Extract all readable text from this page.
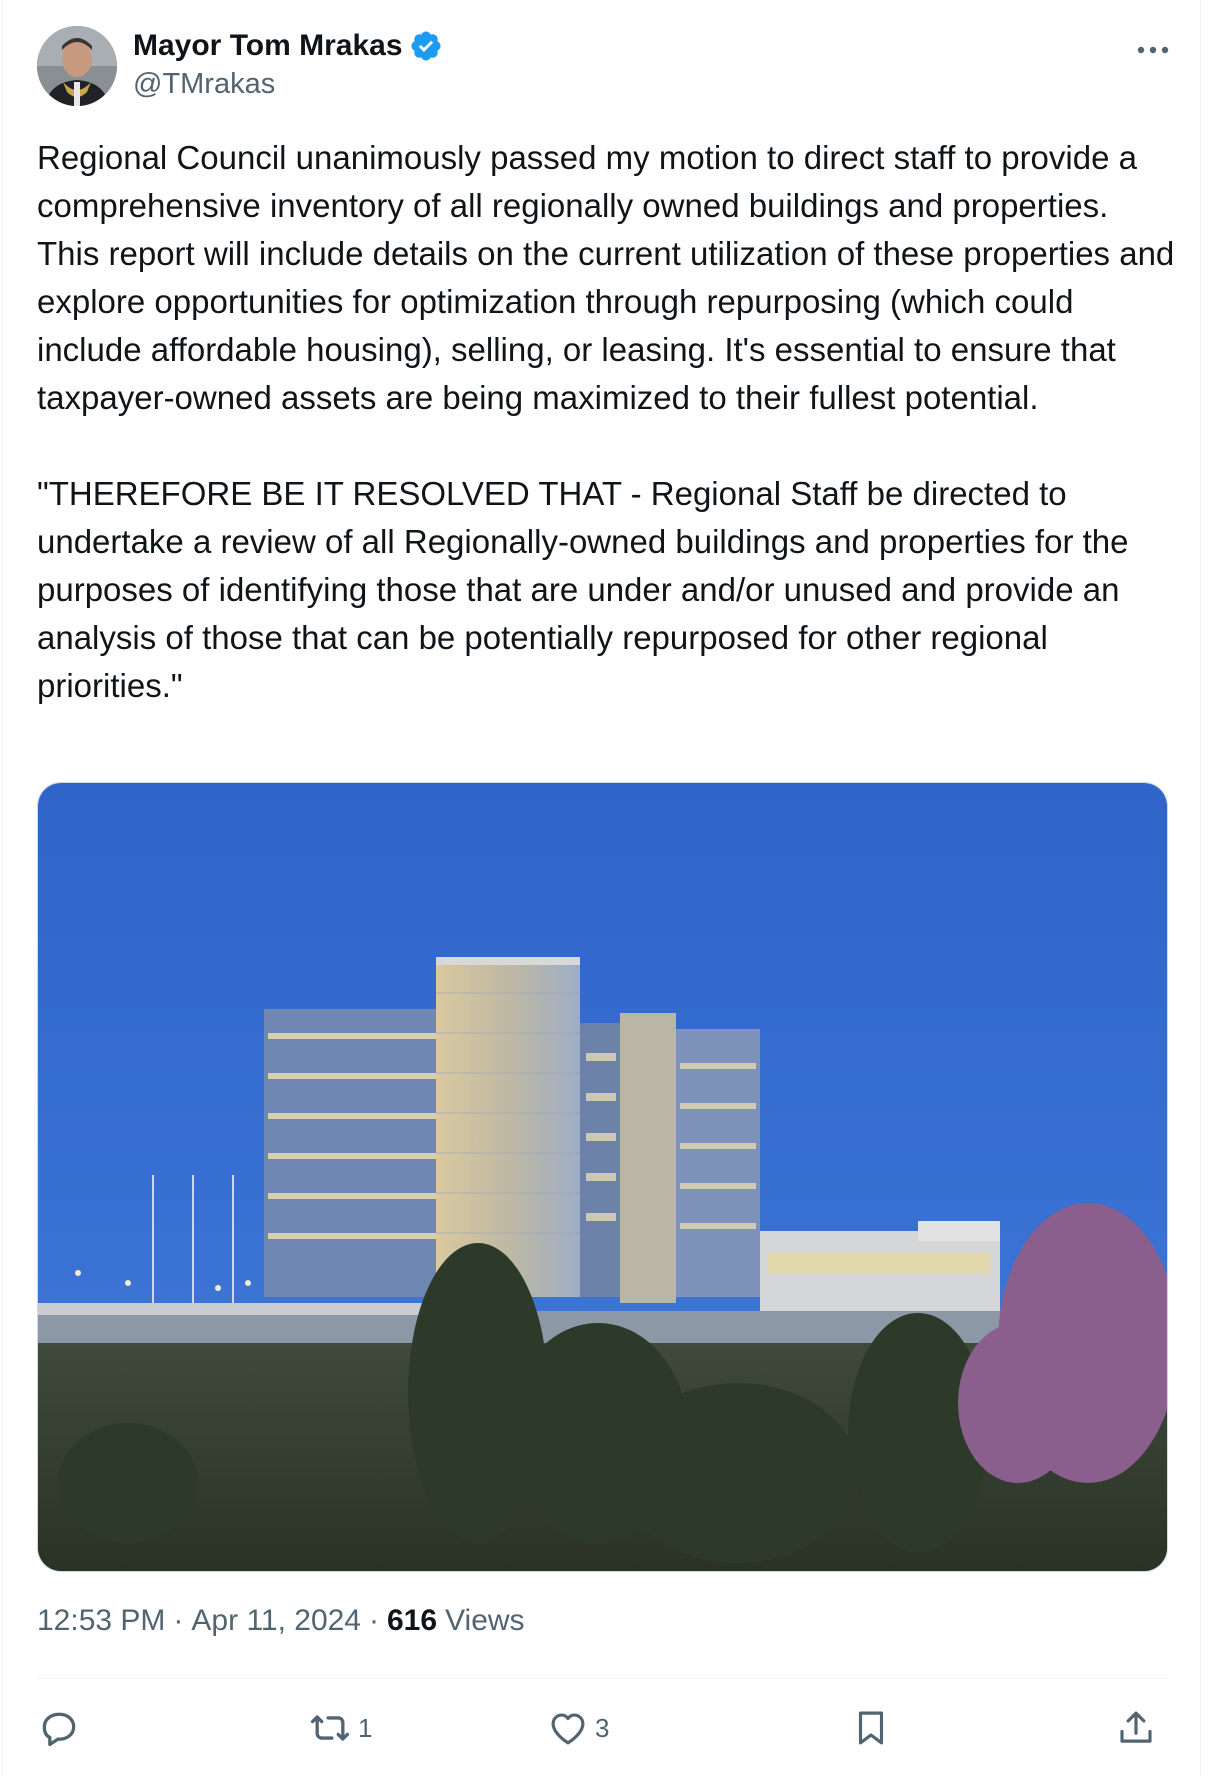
Mayor Tom Mrakas
@TMrakas
Regional Council unanimously passed my motion to direct staff to provide a comprehensive inventory of all regionally owned buildings and properties. This report will include details on the current utilization of these properties and explore opportunities for optimization through repurposing (which could include affordable housing), selling, or leasing. It's essential to ensure that taxpayer-owned assets are being maximized to their fullest potential.

"THEREFORE BE IT RESOLVED THAT - Regional Staff be directed to undertake a review of all Regionally-owned buildings and properties for the purposes of identifying those that are under and/or unused and provide an analysis of those that can be potentially repurposed for other regional priorities."
12:53 PM · Apr 11, 2024 · 616 Views
1	3
